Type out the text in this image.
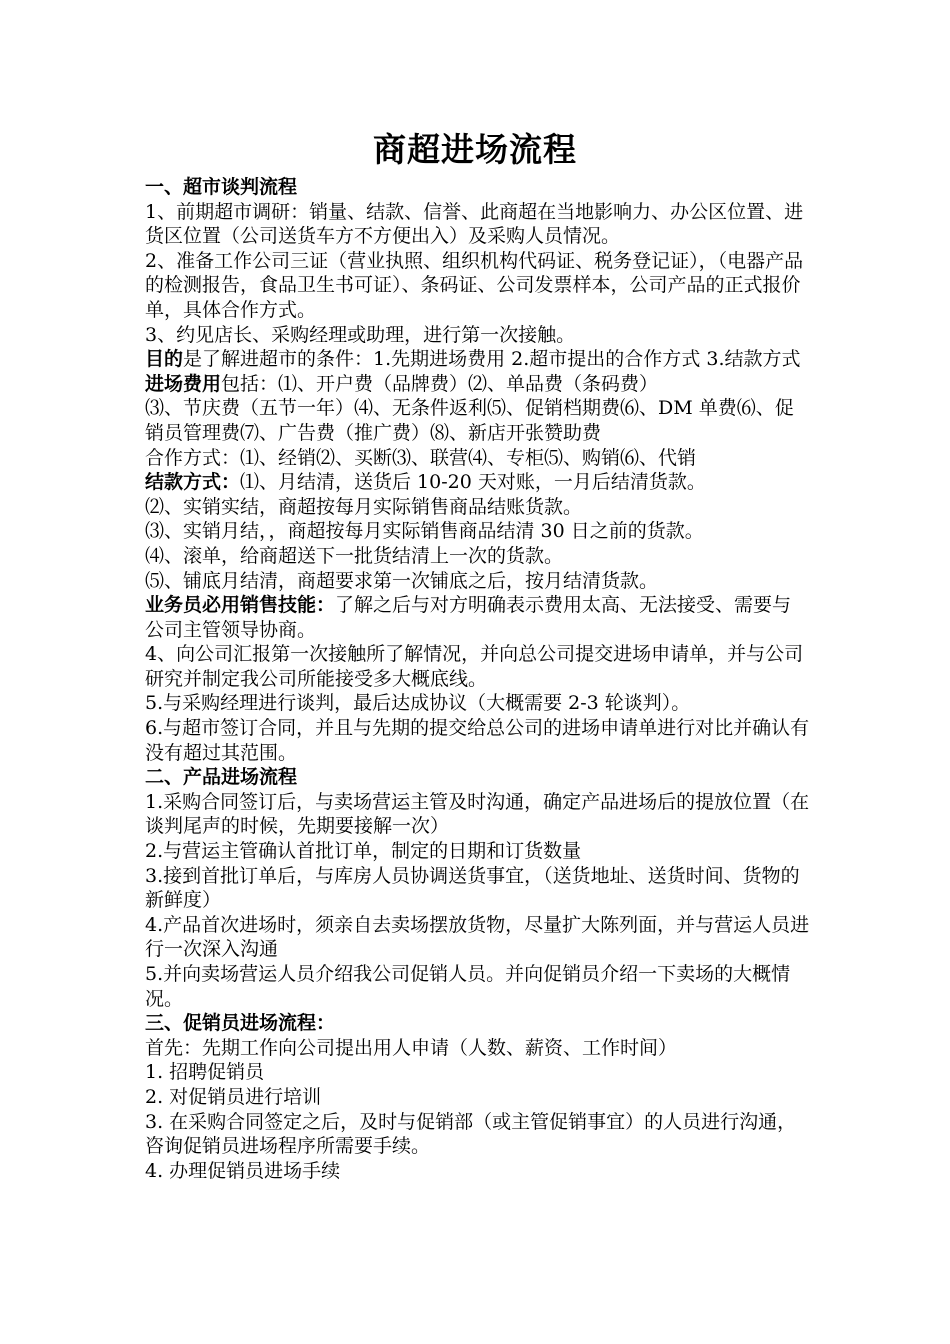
商超进场流程

一、超市谈判流程

1、前期超市调研：销量、结款、信誉、此商超在当地影响力、办公区位置、进货区位置（公司送货车方不方便出入）及采购人员情况。

2、准备工作公司三证（营业执照、组织机构代码证、税务登记证），（电器产品的检测报告，食品卫生书可证）、条码证、公司发票样本，公司产品的正式报价单，具体合作方式。

3、约见店长、采购经理或助理，进行第一次接触。

目的是了解进超市的条件：1.先期进场费用 2.超市提出的合作方式 3.结款方式

进场费用包括：⑴、开户费（品牌费）⑵、单品费（条码费）

⑶、节庆费（五节一年）⑷、无条件返利⑸、促销档期费⑹、DM 单费⑹、促销员管理费⑺、广告费（推广费）⑻、新店开张赞助费

合作方式：⑴、经销⑵、买断⑶、联营⑷、专柜⑸、购销⑹、代销

结款方式：⑴、月结清，送货后 10-20 天对账，一月后结清货款。

⑵、实销实结，商超按每月实际销售商品结账货款。

⑶、实销月结，，商超按每月实际销售商品结清 30 日之前的货款。

⑷、滚单，给商超送下一批货结清上一次的货款。

⑸、铺底月结清，商超要求第一次铺底之后，按月结清货款。

业务员必用销售技能：了解之后与对方明确表示费用太高、无法接受、需要与公司主管领导协商。

4、向公司汇报第一次接触所了解情况，并向总公司提交进场申请单，并与公司研究并制定我公司所能接受多大概底线。

5.与采购经理进行谈判，最后达成协议（大概需要 2-3 轮谈判）。

6.与超市签订合同，并且与先期的提交给总公司的进场申请单进行对比并确认有没有超过其范围。

二、产品进场流程

1.采购合同签订后，与卖场营运主管及时沟通，确定产品进场后的提放位置（在谈判尾声的时候，先期要接解一次）

2.与营运主管确认首批订单，制定的日期和订货数量

3.接到首批订单后，与库房人员协调送货事宜，（送货地址、送货时间、货物的新鲜度）

4.产品首次进场时，须亲自去卖场摆放货物，尽量扩大陈列面，并与营运人员进行一次深入沟通

5.并向卖场营运人员介绍我公司促销人员。并向促销员介绍一下卖场的大概情况。

三、促销员进场流程：

首先：先期工作向公司提出用人申请（人数、薪资、工作时间）

1. 招聘促销员

2. 对促销员进行培训

3. 在采购合同签定之后，及时与促销部（或主管促销事宜）的人员进行沟通，咨询促销员进场程序所需要手续。

4. 办理促销员进场手续
